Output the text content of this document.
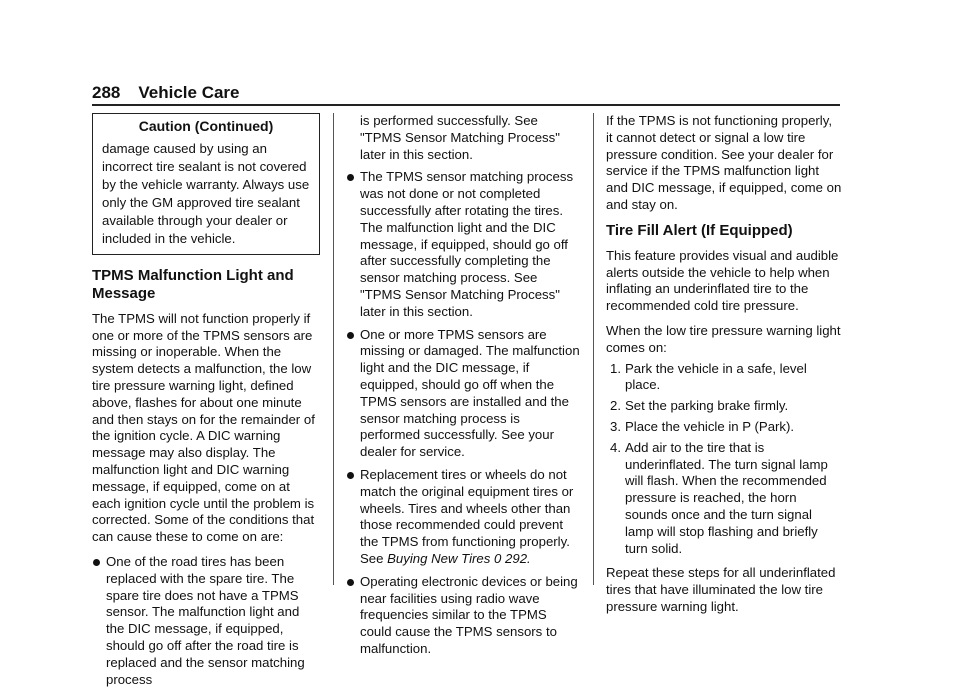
288 Vehicle Care
Caution (Continued)
damage caused by using an incorrect tire sealant is not covered by the vehicle warranty. Always use only the GM approved tire sealant available through your dealer or included in the vehicle.
TPMS Malfunction Light and Message

The TPMS will not function properly if one or more of the TPMS sensors are missing or inoperable. When the system detects a malfunction, the low tire pressure warning light, defined above, flashes for about one minute and then stays on for the remainder of the ignition cycle. A DIC warning message may also display. The malfunction light and DIC warning message, if equipped, come on at each ignition cycle until the problem is corrected. Some of the conditions that can cause these to come on are:

One of the road tires has been replaced with the spare tire. The spare tire does not have a TPMS sensor. The malfunction light and the DIC message, if equipped, should go off after the road tire is replaced and the sensor matching process
is performed successfully. See "TPMS Sensor Matching Process" later in this section.
The TPMS sensor matching process was not done or not completed successfully after rotating the tires. The malfunction light and the DIC message, if equipped, should go off after successfully completing the sensor matching process. See "TPMS Sensor Matching Process" later in this section.
One or more TPMS sensors are missing or damaged. The malfunction light and the DIC message, if equipped, should go off when the TPMS sensors are installed and the sensor matching process is performed successfully. See your dealer for service.
Replacement tires or wheels do not match the original equipment tires or wheels. Tires and wheels other than those recommended could prevent the TPMS from functioning properly. See Buying New Tires 0 292.
Operating electronic devices or being near facilities using radio wave frequencies similar to the TPMS could cause the TPMS sensors to malfunction.

If the TPMS is not functioning properly, it cannot detect or signal a low tire pressure condition. See your dealer for service if the TPMS malfunction light and DIC message, if equipped, come on and stay on.

Tire Fill Alert (If Equipped)

This feature provides visual and audible alerts outside the vehicle to help when inflating an underinflated tire to the recommended cold tire pressure.

When the low tire pressure warning light comes on:

1. Park the vehicle in a safe, level place.
2. Set the parking brake firmly.
3. Place the vehicle in P (Park).
4. Add air to the tire that is underinflated. The turn signal lamp will flash. When the recommended pressure is reached, the horn sounds once and the turn signal lamp will stop flashing and briefly turn solid.

Repeat these steps for all underinflated tires that have illuminated the low tire pressure warning light.
